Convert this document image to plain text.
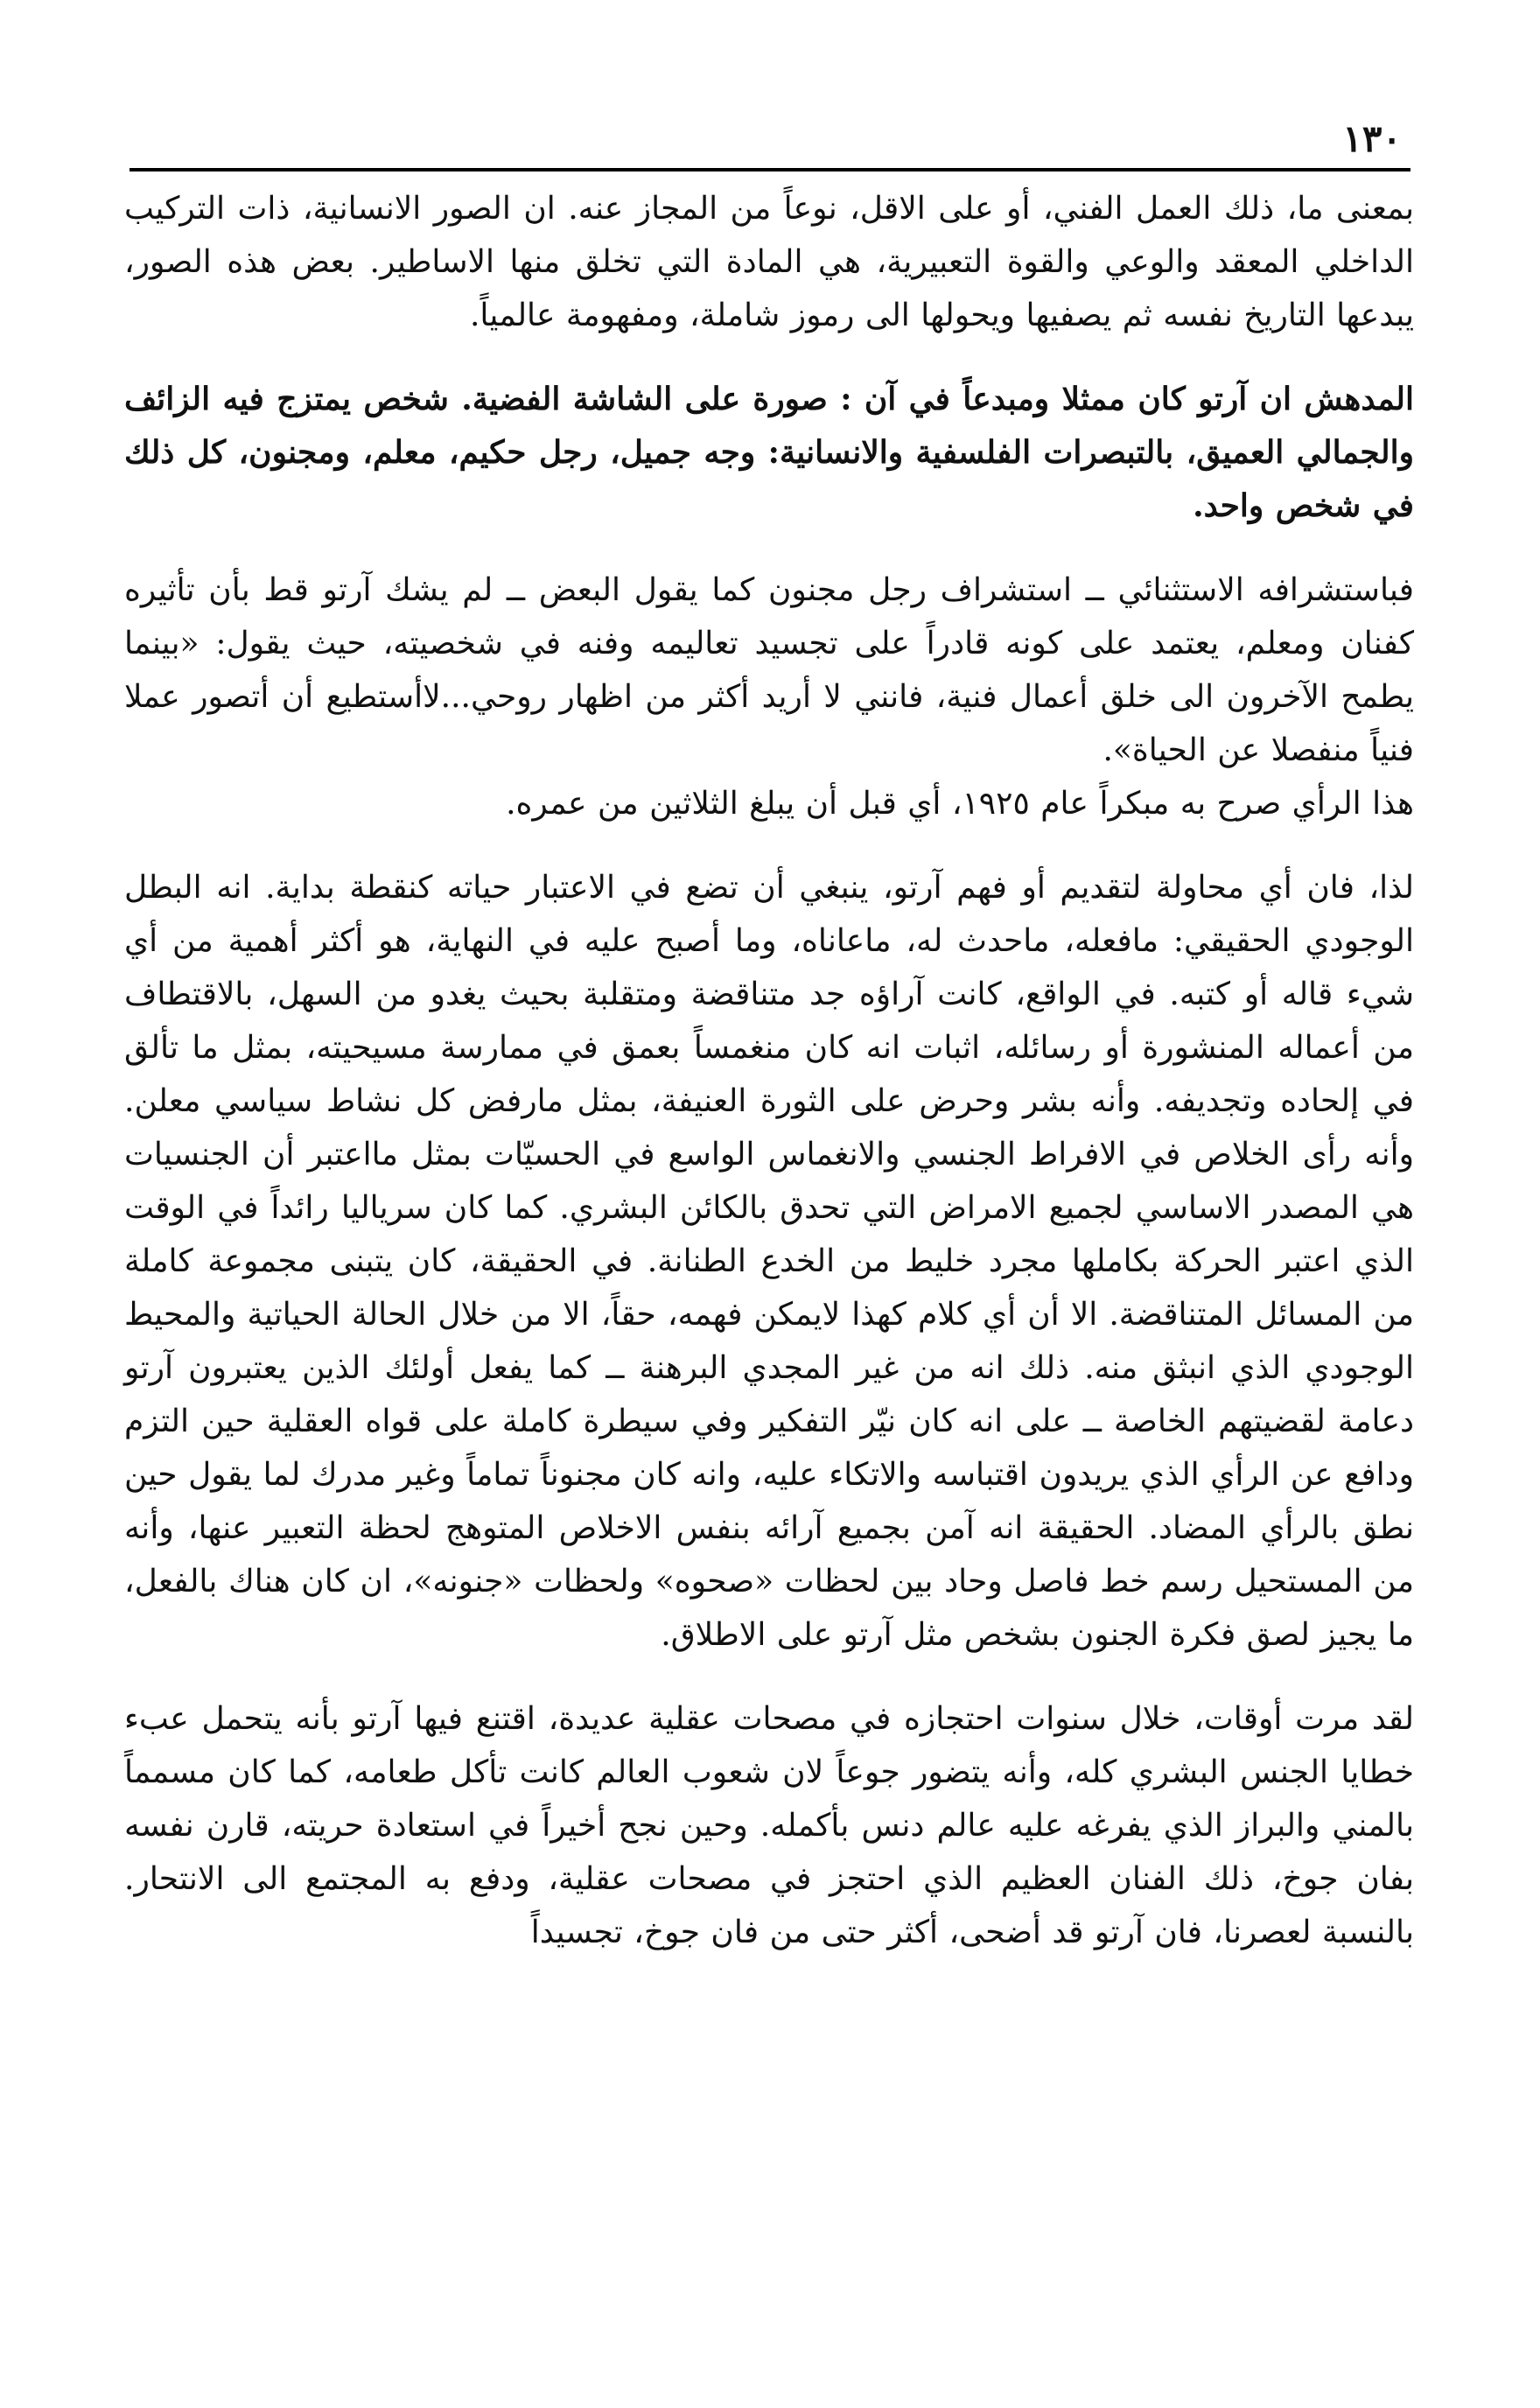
١٣٠

بمعنى ما، ذلك العمل الفني، أو على الاقل، نوعاً من المجاز عنه. ان الصور الانسانية، ذات التركيب الداخلي المعقد والوعي والقوة التعبيرية، هي المادة التي تخلق منها الاساطير. بعض هذه الصور، يبدعها التاريخ نفسه ثم يصفيها ويحولها الى رموز شاملة، ومفهومة عالمياً.

المدهش ان آرتو كان ممثلا ومبدعاً في آن : صورة على الشاشة الفضية. شخص يمتزج فيه الزائف والجمالي العميق، بالتبصرات الفلسفية والانسانية: وجه جميل، رجل حكيم، معلم، ومجنون، كل ذلك في شخص واحد.

فباستشرافه الاستثنائي ــ استشراف رجل مجنون كما يقول البعض ــ لم يشك آرتو قط بأن تأثيره كفنان ومعلم، يعتمد على كونه قادراً على تجسيد تعاليمه وفنه في شخصيته، حيث يقول: «بينما يطمح الآخرون الى خلق أعمال فنية، فانني لا أريد أكثر من اظهار روحي...لاأستطيع أن أتصور عملا فنياً منفصلا عن الحياة».

هذا الرأي صرح به مبكراً عام ١٩٢٥، أي قبل أن يبلغ الثلاثين من عمره.

لذا، فان أي محاولة لتقديم أو فهم آرتو، ينبغي أن تضع في الاعتبار حياته كنقطة بداية. انه البطل الوجودي الحقيقي: مافعله، ماحدث له، ماعاناه، وما أصبح عليه في النهاية، هو أكثر أهمية من أي شيء قاله أو كتبه. في الواقع، كانت آراؤه جد متناقضة ومتقلبة بحيث يغدو من السهل، بالاقتطاف من أعماله المنشورة أو رسائله، اثبات انه كان منغمساً بعمق في ممارسة مسيحيته، بمثل ما تألق في إلحاده وتجديفه. وأنه بشر وحرض على الثورة العنيفة، بمثل مارفض كل نشاط سياسي معلن. وأنه رأى الخلاص في الافراط الجنسي والانغماس الواسع في الحسيّات بمثل مااعتبر أن الجنسيات هي المصدر الاساسي لجميع الامراض التي تحدق بالكائن البشري. كما كان سرياليا رائداً في الوقت الذي اعتبر الحركة بكاملها مجرد خليط من الخدع الطنانة. في الحقيقة، كان يتبنى مجموعة كاملة من المسائل المتناقضة. الا أن أي كلام كهذا لايمكن فهمه، حقاً، الا من خلال الحالة الحياتية والمحيط الوجودي الذي انبثق منه. ذلك انه من غير المجدي البرهنة ــ كما يفعل أولئك الذين يعتبرون آرتو دعامة لقضيتهم الخاصة ــ على انه كان نيّر التفكير وفي سيطرة كاملة على قواه العقلية حين التزم ودافع عن الرأي الذي يريدون اقتباسه والاتكاء عليه، وانه كان مجنوناً تماماً وغير مدرك لما يقول حين نطق بالرأي المضاد. الحقيقة انه آمن بجميع آرائه بنفس الاخلاص المتوهج لحظة التعبير عنها، وأنه من المستحيل رسم خط فاصل وحاد بين لحظات «صحوه» ولحظات «جنونه»، ان كان هناك بالفعل، ما يجيز لصق فكرة الجنون بشخص مثل آرتو على الاطلاق.

لقد مرت أوقات، خلال سنوات احتجازه في مصحات عقلية عديدة، اقتنع فيها آرتو بأنه يتحمل عبء خطايا الجنس البشري كله، وأنه يتضور جوعاً لان شعوب العالم كانت تأكل طعامه، كما كان مسمماً بالمني والبراز الذي يفرغه عليه عالم دنس بأكمله. وحين نجح أخيراً في استعادة حريته، قارن نفسه بفان جوخ، ذلك الفنان العظيم الذي احتجز في مصحات عقلية، ودفع به المجتمع الى الانتحار. بالنسبة لعصرنا، فان آرتو قد أضحى، أكثر حتى من فان جوخ، تجسيداً
